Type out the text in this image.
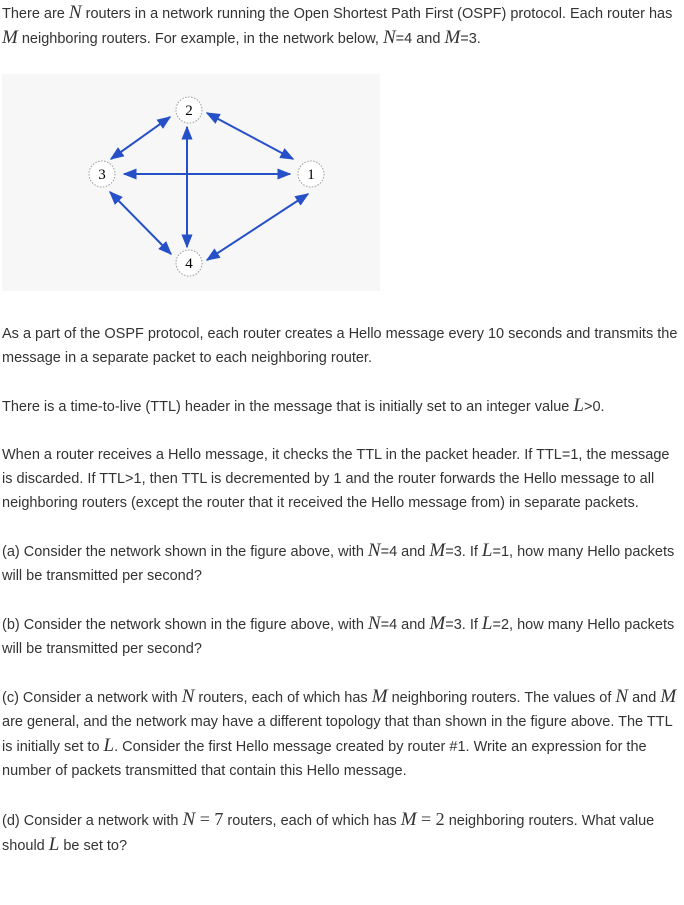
There are N routers in a network running the Open Shortest Path First (OSPF) protocol. Each router has M neighboring routers. For example, in the network below, N=4 and M=3.

2
3	1
4

As a part of the OSPF protocol, each router creates a Hello message every 10 seconds and transmits the message in a separate packet to each neighboring router.

There is a time-to-live (TTL) header in the message that is initially set to an integer value L>0.

When a router receives a Hello message, it checks the TTL in the packet header. If TTL=1, the message is discarded. If TTL>1, then TTL is decremented by 1 and the router forwards the Hello message to all neighboring routers (except the router that it received the Hello message from) in separate packets.

(a) Consider the network shown in the figure above, with N=4 and M=3. If L=1, how many Hello packets will be transmitted per second?

(b) Consider the network shown in the figure above, with N=4 and M=3. If L=2, how many Hello packets will be transmitted per second?

(c) Consider a network with N routers, each of which has M neighboring routers. The values of N and M are general, and the network may have a different topology that than shown in the figure above. The TTL is initially set to L. Consider the first Hello message created by router #1. Write an expression for the number of packets transmitted that contain this Hello message.

(d) Consider a network with N = 7 routers, each of which has M = 2 neighboring routers. What value should L be set to?
